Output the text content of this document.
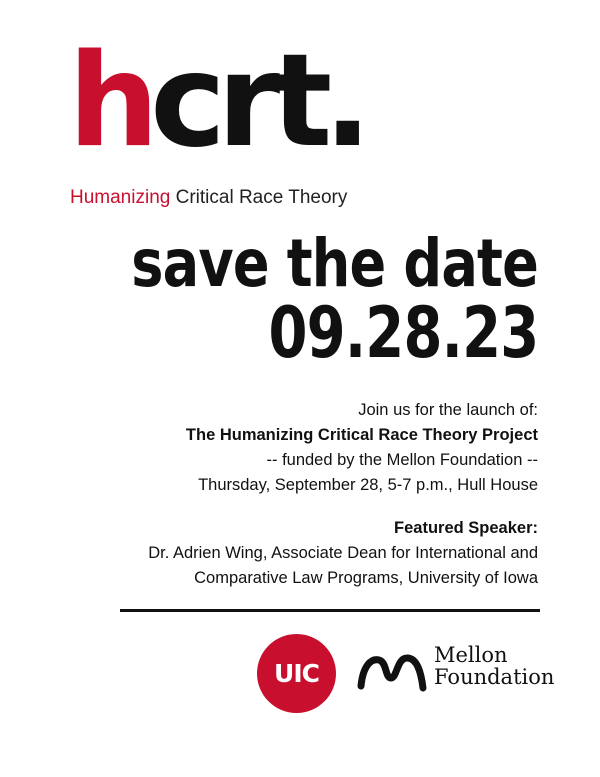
hcrt.
Humanizing Critical Race Theory
save the date
09.28.23

Join us for the launch of:

The Humanizing Critical Race Theory Project

-- funded by the Mellon Foundation --

Thursday, September 28, 5-7 p.m., Hull House

Featured Speaker:

Dr. Adrien Wing, Associate Dean for International and

Comparative Law Programs, University of Iowa

UIC
Mellon
Foundation
